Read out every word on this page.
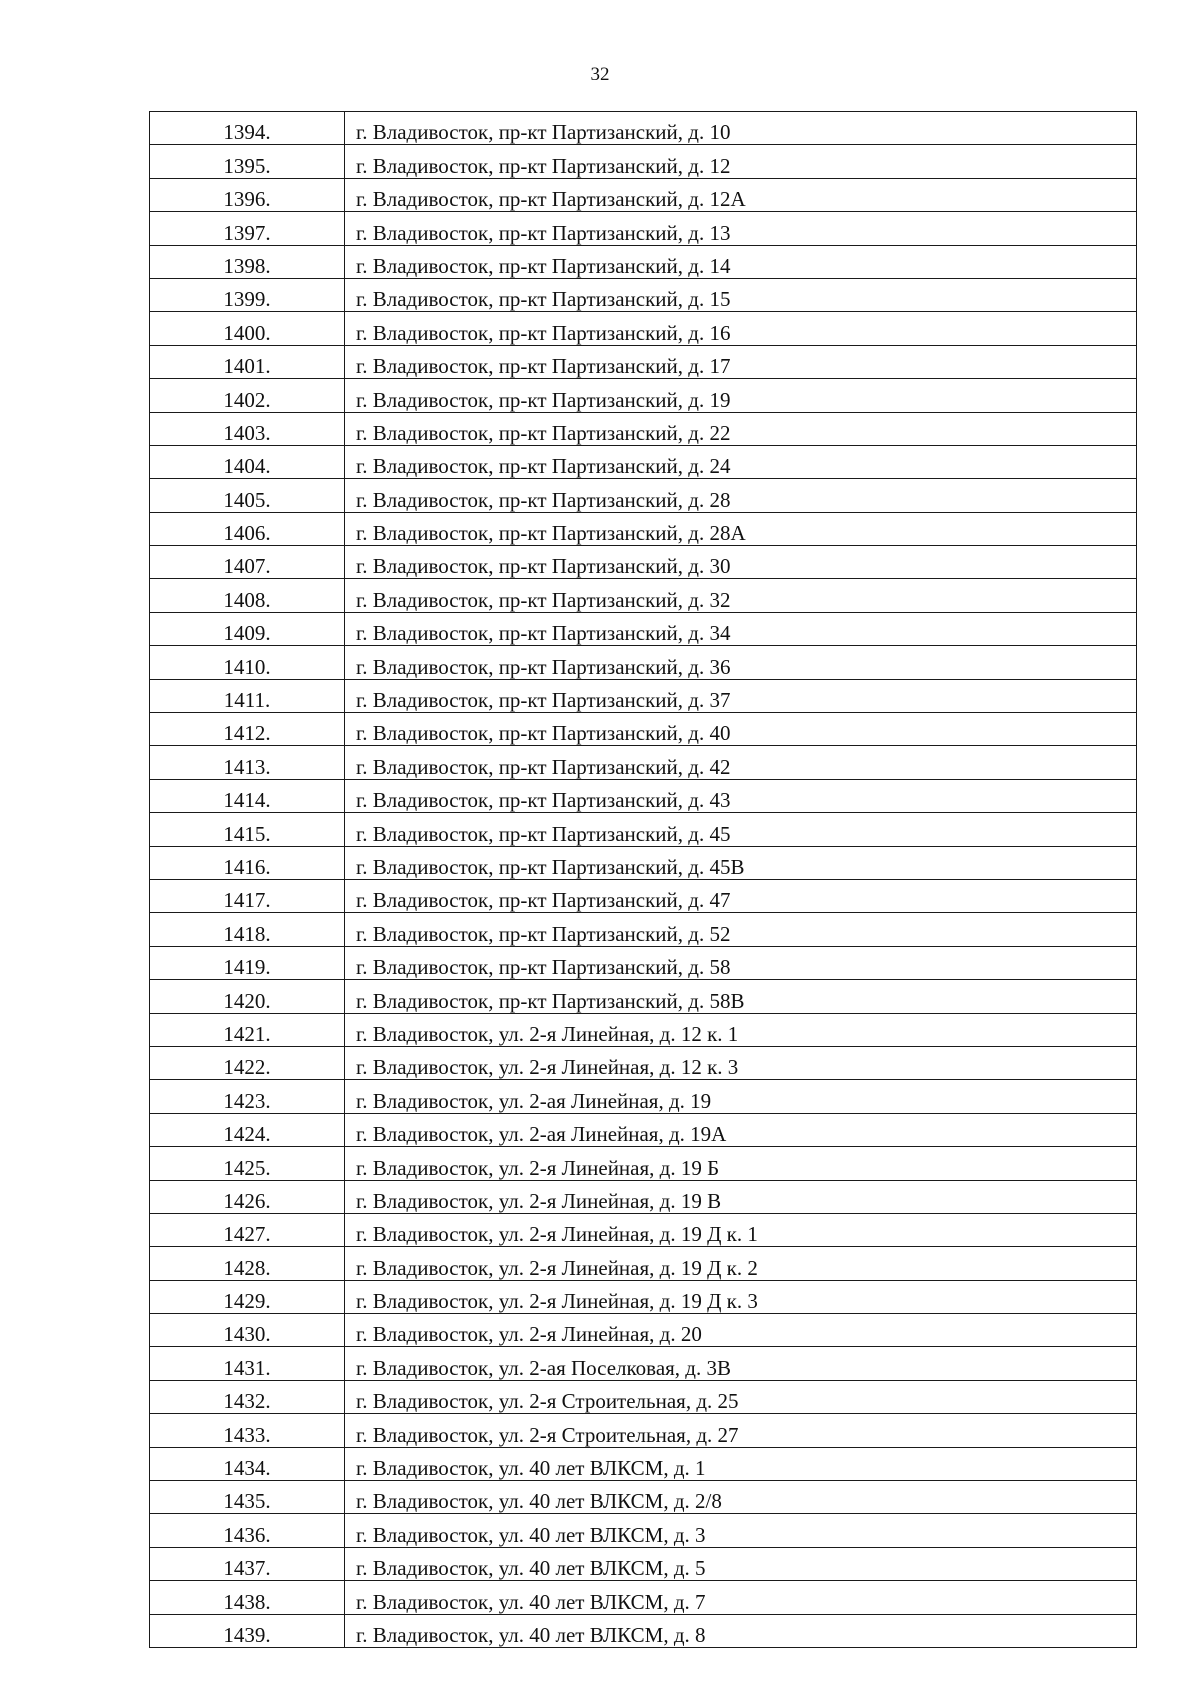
32
1394.	г. Владивосток, пр-кт Партизанский, д. 10
1395.	г. Владивосток, пр-кт Партизанский, д. 12
1396.	г. Владивосток, пр-кт Партизанский, д. 12А
1397.	г. Владивосток, пр-кт Партизанский, д. 13
1398.	г. Владивосток, пр-кт Партизанский, д. 14
1399.	г. Владивосток, пр-кт Партизанский, д. 15
1400.	г. Владивосток, пр-кт Партизанский, д. 16
1401.	г. Владивосток, пр-кт Партизанский, д. 17
1402.	г. Владивосток, пр-кт Партизанский, д. 19
1403.	г. Владивосток, пр-кт Партизанский, д. 22
1404.	г. Владивосток, пр-кт Партизанский, д. 24
1405.	г. Владивосток, пр-кт Партизанский, д. 28
1406.	г. Владивосток, пр-кт Партизанский, д. 28А
1407.	г. Владивосток, пр-кт Партизанский, д. 30
1408.	г. Владивосток, пр-кт Партизанский, д. 32
1409.	г. Владивосток, пр-кт Партизанский, д. 34
1410.	г. Владивосток, пр-кт Партизанский, д. 36
1411.	г. Владивосток, пр-кт Партизанский, д. 37
1412.	г. Владивосток, пр-кт Партизанский, д. 40
1413.	г. Владивосток, пр-кт Партизанский, д. 42
1414.	г. Владивосток, пр-кт Партизанский, д. 43
1415.	г. Владивосток, пр-кт Партизанский, д. 45
1416.	г. Владивосток, пр-кт Партизанский, д. 45В
1417.	г. Владивосток, пр-кт Партизанский, д. 47
1418.	г. Владивосток, пр-кт Партизанский, д. 52
1419.	г. Владивосток, пр-кт Партизанский, д. 58
1420.	г. Владивосток, пр-кт Партизанский, д. 58В
1421.	г. Владивосток, ул. 2-я Линейная, д. 12 к. 1
1422.	г. Владивосток, ул. 2-я Линейная, д. 12 к. 3
1423.	г. Владивосток, ул. 2-ая Линейная, д. 19
1424.	г. Владивосток, ул. 2-ая Линейная, д. 19А
1425.	г. Владивосток, ул. 2-я Линейная, д. 19 Б
1426.	г. Владивосток, ул. 2-я Линейная, д. 19 В
1427.	г. Владивосток, ул. 2-я Линейная, д. 19 Д к. 1
1428.	г. Владивосток, ул. 2-я Линейная, д. 19 Д к. 2
1429.	г. Владивосток, ул. 2-я Линейная, д. 19 Д к. 3
1430.	г. Владивосток, ул. 2-я Линейная, д. 20
1431.	г. Владивосток, ул. 2-ая Поселковая, д. 3В
1432.	г. Владивосток, ул. 2-я Строительная, д. 25
1433.	г. Владивосток, ул. 2-я Строительная, д. 27
1434.	г. Владивосток, ул. 40 лет ВЛКСМ, д. 1
1435.	г. Владивосток, ул. 40 лет ВЛКСМ, д. 2/8
1436.	г. Владивосток, ул. 40 лет ВЛКСМ, д. 3
1437.	г. Владивосток, ул. 40 лет ВЛКСМ, д. 5
1438.	г. Владивосток, ул. 40 лет ВЛКСМ, д. 7
1439.	г. Владивосток, ул. 40 лет ВЛКСМ, д. 8
